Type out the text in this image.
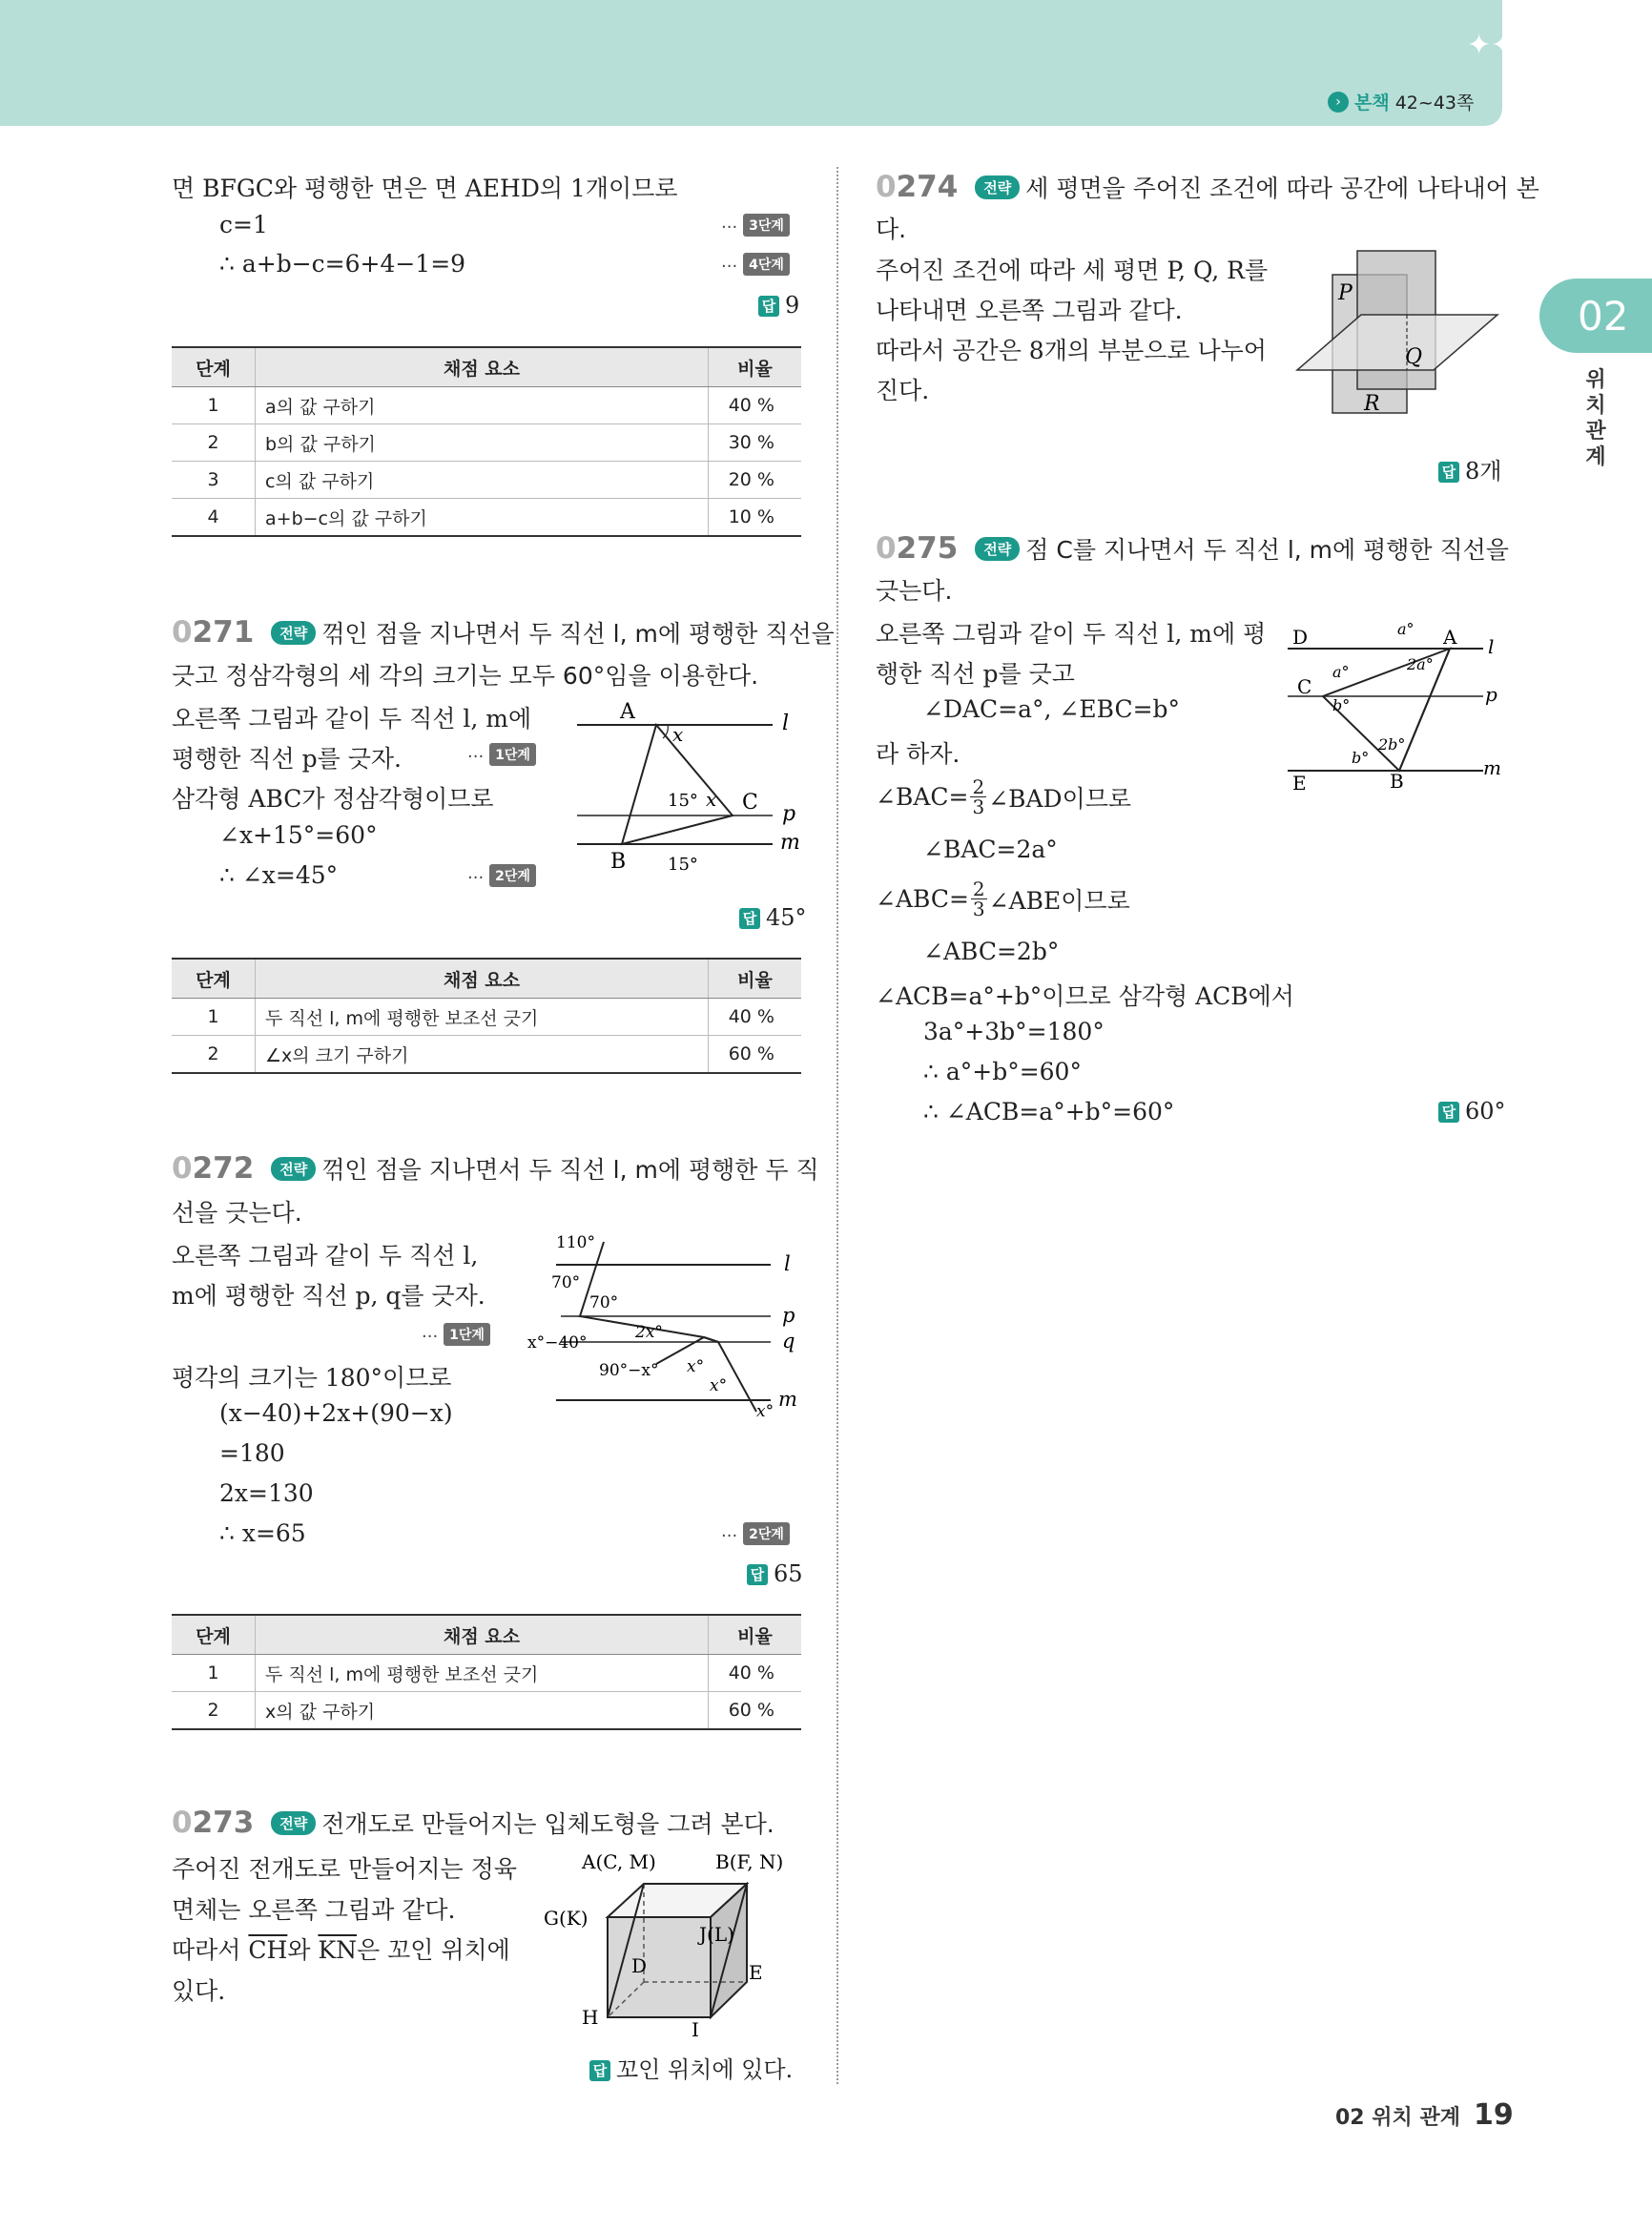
✦✦
› 본책 42~43쪽
02
위
치
관
계
면 BFGC와 평행한 면은 면 AEHD의 1개이므로
c=1	··· 3단계
∴ a+b−c=6+4−1=9	··· 4단계
답 9
단계	채점 요소	비율
1	a의 값 구하기	40 %
2	b의 값 구하기	30 %
3	c의 값 구하기	20 %
4	a+b−c의 값 구하기	10 %
0271 전략 꺾인 점을 지나면서 두 직선 l, m에 평행한 직선을
긋고 정삼각형의 세 각의 크기는 모두 60°임을 이용한다.
오른쪽 그림과 같이 두 직선 l, m에
평행한 직선 p를 긋자.	··· 1단계
삼각형 ABC가 정삼각형이므로
∠x+15°=60°
∴ ∠x=45°	··· 2단계
A
B
C
x
15° x
15°
l
p
m
답 45°
단계	채점 요소	비율
1	두 직선 l, m에 평행한 보조선 긋기	40 %
2	∠x의 크기 구하기	60 %
0272 전략 꺾인 점을 지나면서 두 직선 l, m에 평행한 두 직
선을 긋는다.
오른쪽 그림과 같이 두 직선 l,
m에 평행한 직선 p, q를 긋자.
··· 1단계
평각의 크기는 180°이므로
(x−40)+2x+(90−x)
=180
2x=130
∴ x=65	··· 2단계
110°
70°
70°
x°−40°
2x°
90°−x° x°
x°
x°
l
p
q
m
답 65
단계	채점 요소	비율
1	두 직선 l, m에 평행한 보조선 긋기	40 %
2	x의 값 구하기	60 %
0273 전략 전개도로 만들어지는 입체도형을 그려 본다.
주어진 전개도로 만들어지는 정육
면체는 오른쪽 그림과 같다.
따라서 $\overline{CH}$와 $\overline{KN}$은 꼬인 위치에
있다.
A(C, M)	B(F, N)
G(K)
J(L)
D	E
H
I
답 꼬인 위치에 있다.
0274 전략 세 평면을 주어진 조건에 따라 공간에 나타내어 본
다.
주어진 조건에 따라 세 평면 P, Q, R를
나타내면 오른쪽 그림과 같다.
따라서 공간은 8개의 부분으로 나누어
진다.
P
Q
R
답 8개
0275 전략 점 C를 지나면서 두 직선 l, m에 평행한 직선을
긋는다.
오른쪽 그림과 같이 두 직선 l, m에 평
행한 직선 p를 긋고
∠DAC=a°, ∠EBC=b°
라 하자.
∠BAC= $\frac{2}{3}$ ∠BAD이므로
∠BAC=2a°
∠ABC= $\frac{2}{3}$ ∠ABE이므로
∠ABC=2b°
∠ACB=a°+b°이므로 삼각형 ACB에서
3a°+3b°=180°
∴ a°+b°=60°
∴ ∠ACB=a°+b°=60°
D	A
C
E	B
a°
a°	2a°
b°
b°
2b°
l
p
m
답 60°
02 위치 관계 19
